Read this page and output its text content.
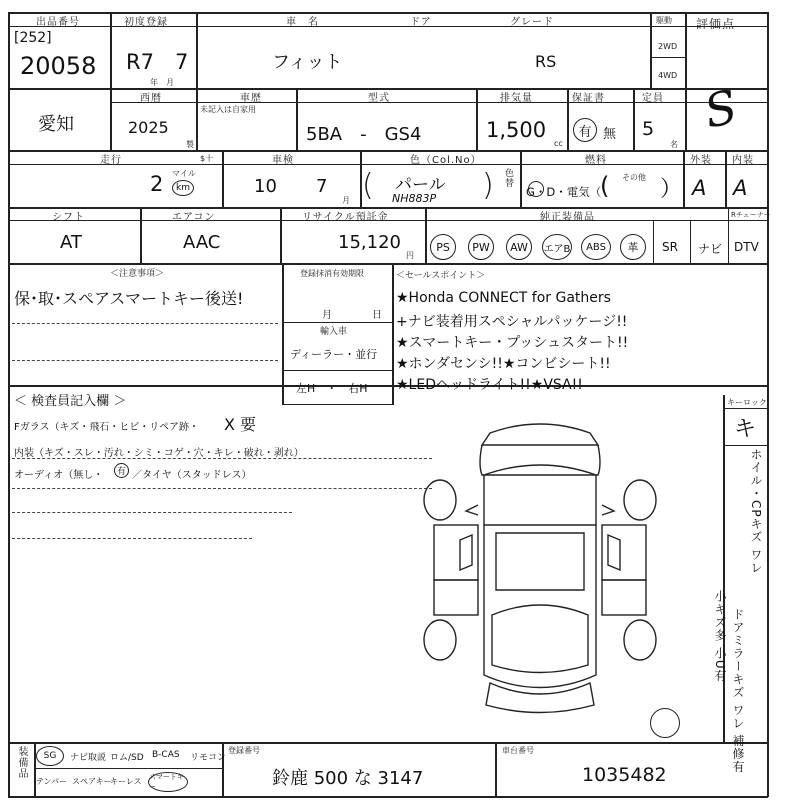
出品番号
[252]
20058
初度登録
R7　7
年　月
車　名
フィット
ドア	グレード
RS
駆動
2WD
4WD
評価点
S
愛知
西暦
2025
製
車歴
未記入は自家用
型式
5BA　-　GS4
排気量
1,500
cc
保証書
有 無
定員
5
名
走行
2 マイル
km
$十	車検
10 7
月
色（Col.No）
パール
NH883P
(	) 色替
燃料
G・D・電気（
その他
( ）
外装
A
内装
A
シフト
AT
エアコン
AAC
リサイクル預託金
15,120
円
純正装備品
PS	PW	AW	エアB	ABS	革	SR ナビ DTV
Rチューナー
＜注意事項＞
保･取･スペアスマートキー後送!
登録抹消有効期限
月　　　　日
輸入車
ディーラー・並行
左H　・　右H
＜セールスポイント＞
★Honda CONNECT for Gathers
+ナビ装着用スペシャルパッケージ!!
★スマートキー・プッシュスタート!!
★ホンダセンシ!!★コンビシート!!
★LEDヘッドライト!!★VSA!!
＜ 検査員記入欄 ＞
Fガラス（キズ・飛石・ヒビ・リペア跡・ X 要
内装（キズ・スレ・汚れ・シミ・コゲ・穴・キレ・破れ・剥れ）
オーディオ（無し・	有 ／タイヤ（スタッドレス）
キーロック
キ
ホイル・CPキズ ワレ
ドアミラーキズ ワレ 補修有
小キズ多 小U有
装備品	SG	ナビ取説 ロム/SD B-CAS リモコン
テンパー スペアキー
キーレス スマートキー
登録番号
鈴鹿 500 な 3147
車台番号
1035482
